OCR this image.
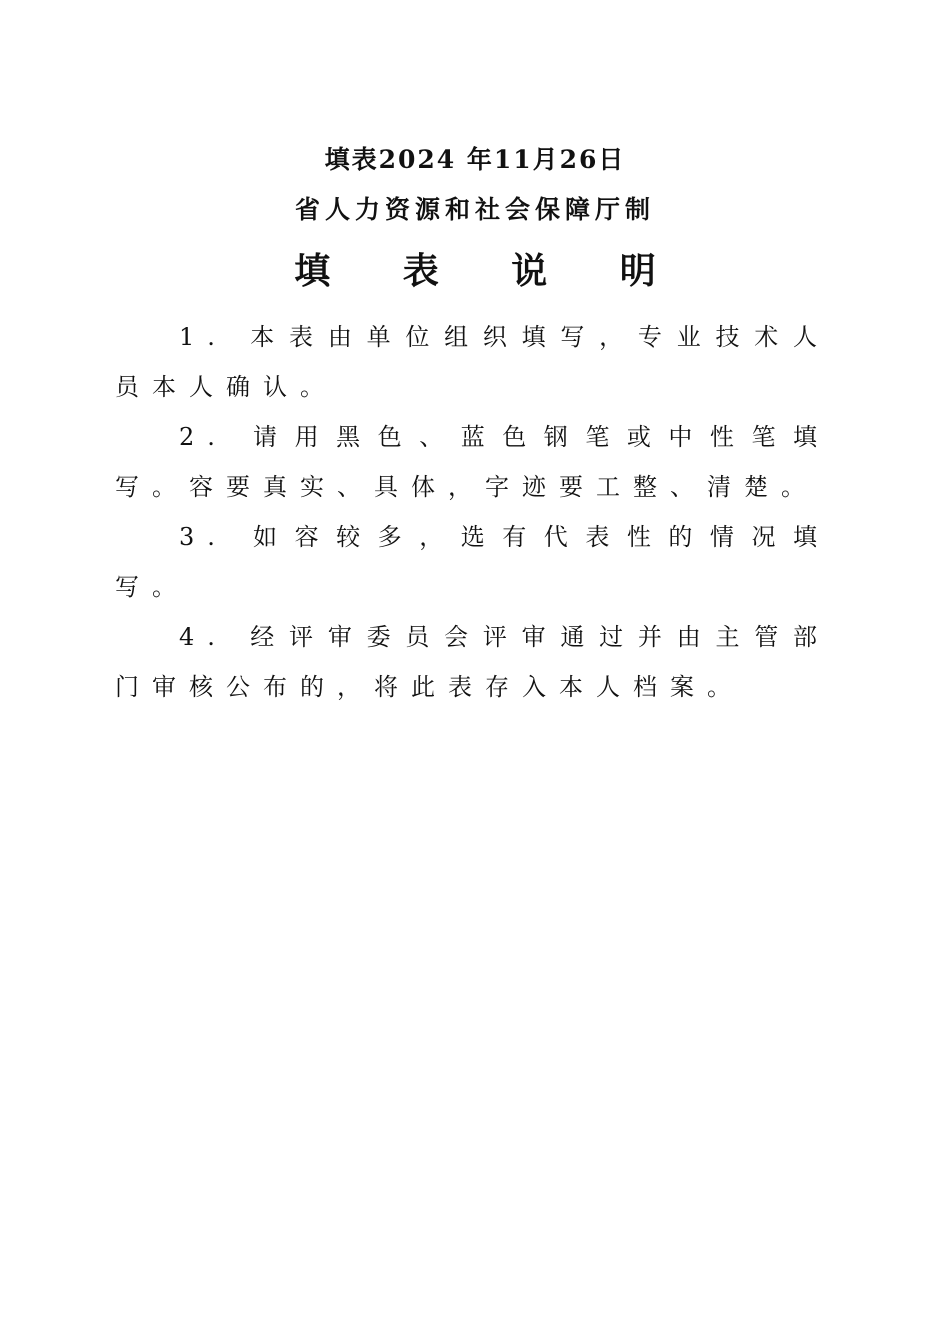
填表2024 年11月26日
省人力资源和社会保障厅制
填 表 说 明

1. 本表由单位组织填写，专业技术人员本人确认。

2. 请用黑色、蓝色钢笔或中性笔填写。容要真实、具体，字迹要工整、清楚。

3. 如容较多，选有代表性的情况填写。

4. 经评审委员会评审通过并由主管部门审核公布的，将此表存入本人档案。
